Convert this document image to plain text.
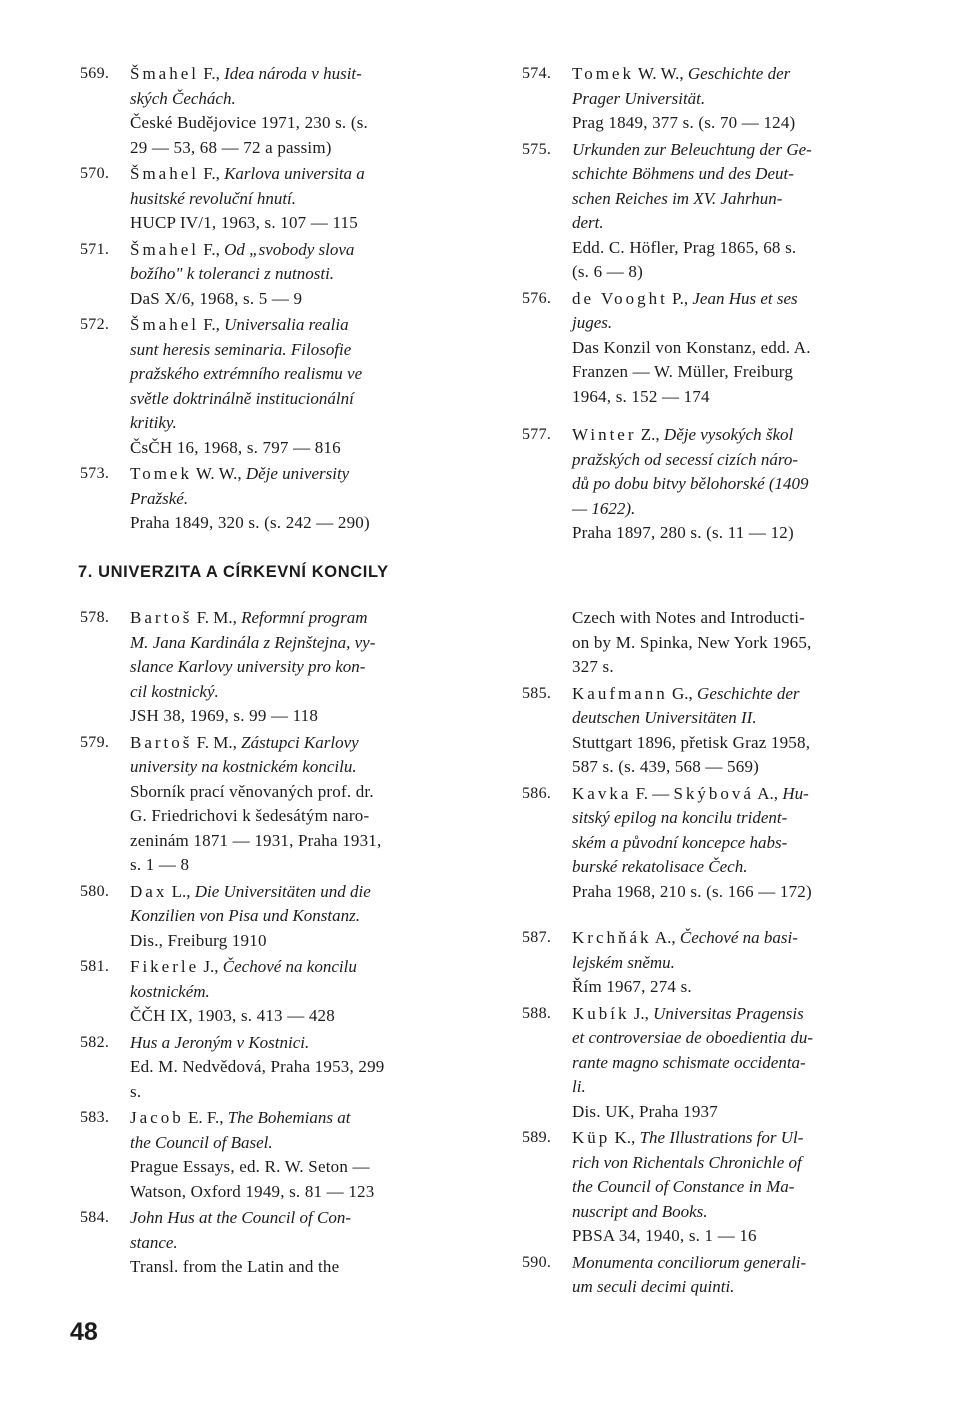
569.	Šmahel F., Idea národa v husit-
ských Čechách.
České Budějovice 1971, 230 s. (s.
29 — 53, 68 — 72 a passim)
570.	Šmahel F., Karlova universita a
husitské revoluční hnutí.
HUCP IV/1, 1963, s. 107 — 115
571.	Šmahel F., Od „svobody slova
božího" k toleranci z nutnosti.
DaS X/6, 1968, s. 5 — 9
572.	Šmahel F., Universalia realia
sunt heresis seminaria. Filosofie
pražského extrémního realismu ve
světle doktrinálně institucionální
kritiky.
ČsČH 16, 1968, s. 797 — 816
573.	Tomek W. W., Děje university
Pražské.
Praha 1849, 320 s. (s. 242 — 290)
574.	Tomek W. W., Geschichte der
Prager Universität.
Prag 1849, 377 s. (s. 70 — 124)
575.	Urkunden zur Beleuchtung der Ge-
schichte Böhmens und des Deut-
schen Reiches im XV. Jahrhun-
dert.
Edd. C. Höfler, Prag 1865, 68 s.
(s. 6 — 8)
576.	de Vooght P., Jean Hus et ses
juges.
Das Konzil von Konstanz, edd. A.
Franzen — W. Müller, Freiburg
1964, s. 152 — 174
577.	Winter Z., Děje vysokých škol
pražských od secessí cizích náro-
dů po dobu bitvy bělohorské (1409
— 1622).
Praha 1897, 280 s. (s. 11 — 12)
7. UNIVERZITA A CÍRKEVNÍ KONCILY
578.	Bartoš F. M., Reformní program
M. Jana Kardinála z Rejnštejna, vy-
slance Karlovy university pro kon-
cil kostnický.
JSH 38, 1969, s. 99 — 118
579.	Bartoš F. M., Zástupci Karlovy
university na kostnickém koncilu.
Sborník prací věnovaných prof. dr.
G. Friedrichovi k šedesátým naro-
zeninám 1871 — 1931, Praha 1931,
s. 1 — 8
580.	Dax L., Die Universitäten und die
Konzilien von Pisa und Konstanz.
Dis., Freiburg 1910
581.	Fikerle J., Čechové na koncilu
kostnickém.
ČČH IX, 1903, s. 413 — 428
582.	Hus a Jeroným v Kostnici.
Ed. M. Nedvědová, Praha 1953, 299
s.
583.	Jacob E. F., The Bohemians at
the Council of Basel.
Prague Essays, ed. R. W. Seton —
Watson, Oxford 1949, s. 81 — 123
584.	John Hus at the Council of Con-
stance.
Transl. from the Latin and the
Czech with Notes and Introducti-
on by M. Spinka, New York 1965,
327 s.
585.	Kaufmann G., Geschichte der
deutschen Universitäten II.
Stuttgart 1896, přetisk Graz 1958,
587 s. (s. 439, 568 — 569)
586.	Kavka F. — Skýbová A., Hu-
sitský epilog na koncilu trident-
ském a původní koncepce habs-
burské rekatolisace Čech.
Praha 1968, 210 s. (s. 166 — 172)
587.	Krchňák A., Čechové na basi-
lejském sněmu.
Řím 1967, 274 s.
588.	Kubík J., Universitas Pragensis
et controversiae de oboedientia du-
rante magno schismate occidenta-
li.
Dis. UK, Praha 1937
589.	Küp K., The Illustrations for Ul-
rich von Richentals Chronichle of
the Council of Constance in Ma-
nuscript and Books.
PBSA 34, 1940, s. 1 — 16
590.	Monumenta conciliorum generali-
um seculi decimi quinti.
48
